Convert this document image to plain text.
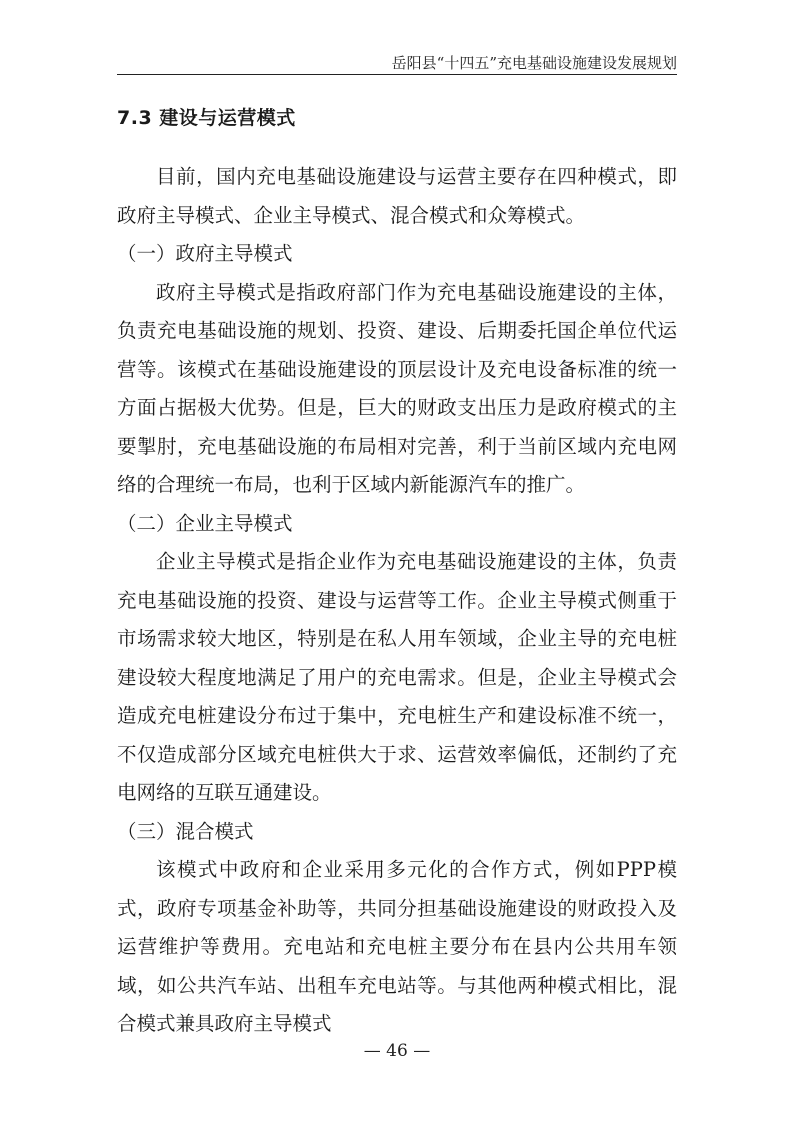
岳阳县“十四五”充电基础设施建设发展规划
7.3 建设与运营模式

目前，国内充电基础设施建设与运营主要存在四种模式，即政府主导模式、企业主导模式、混合模式和众筹模式。

（一）政府主导模式

政府主导模式是指政府部门作为充电基础设施建设的主体，负责充电基础设施的规划、投资、建设、后期委托国企单位代运营等。该模式在基础设施建设的顶层设计及充电设备标准的统一方面占据极大优势。但是，巨大的财政支出压力是政府模式的主要掣肘，充电基础设施的布局相对完善，利于当前区域内充电网络的合理统一布局，也利于区域内新能源汽车的推广。

（二）企业主导模式

企业主导模式是指企业作为充电基础设施建设的主体，负责充电基础设施的投资、建设与运营等工作。企业主导模式侧重于市场需求较大地区，特别是在私人用车领域，企业主导的充电桩建设较大程度地满足了用户的充电需求。但是，企业主导模式会造成充电桩建设分布过于集中，充电桩生产和建设标准不统一，不仅造成部分区域充电桩供大于求、运营效率偏低，还制约了充电网络的互联互通建设。

（三）混合模式

该模式中政府和企业采用多元化的合作方式，例如PPP模式，政府专项基金补助等，共同分担基础设施建设的财政投入及运营维护等费用。充电站和充电桩主要分布在县内公共用车领域，如公共汽车站、出租车充电站等。与其他两种模式相比，混合模式兼具政府主导模式

— 46 —
